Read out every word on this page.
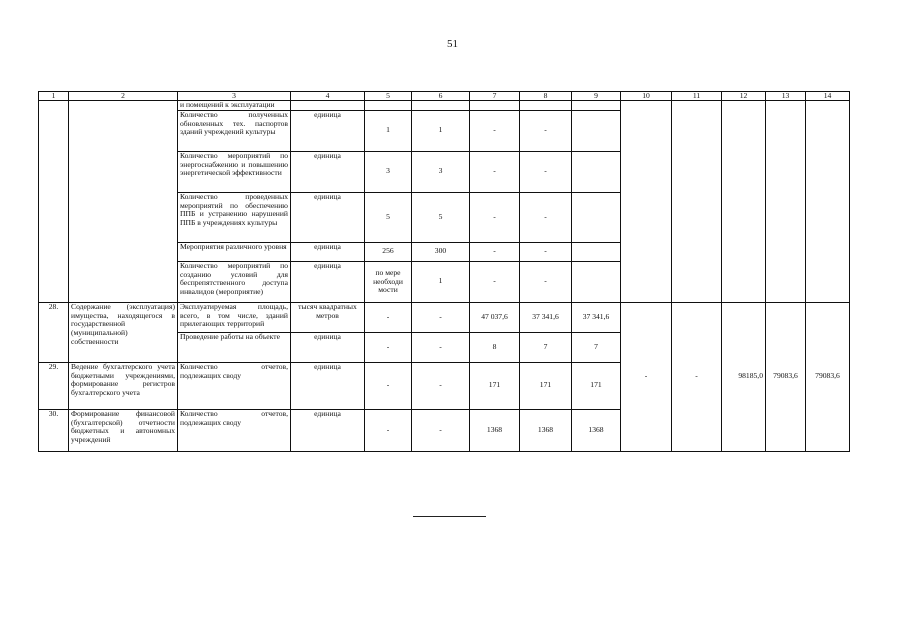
51
1	2	3	4	5	6	7	8	9	10	11	12	13	14
		и помещений к эксплуатации											
		Количество полученных обновленных тех. паспортов зданий учреждений культуры	единица	1	1	-	-						
		Количество мероприятий по энергоснабжению и повышению энергетической эффективности	единица	3	3	-	-						
		Количество проведенных мероприятий по обеспечению ППБ и устранению нарушений ППБ в учреждениях культуры	единица	5	5	-	-						
		Мероприятия различного уровня	единица	256	300	-	-						
		Количество мероприятий по созданию условий для беспрепятственного доступа инвалидов (мероприятие)	единица	по мере необходи мости	1	-	-						
28.	Содержание (эксплуатация) имущества, находящегося в государственной (муниципальной) собственности	Эксплуатируемая площадь, всего, в том числе, зданий прилегающих территорий	тысяч квадратных метров	-	-	47 037,6	37 341,6	37 341,6	-	-	98185,0	79083,6	79083,6
		Проведение работы на объекте	единица	-	-	8	7	7					
29.	Ведение бухгалтерского учета бюджетными учреждениями, формирование регистров бухгалтерского учета	Количество отчетов, подлежащих своду	единица	-	-	171	171	171					
30.	Формирование финансовой (бухгалтерской) отчетности бюджетных и автономных учреждений	Количество отчетов, подлежащих своду	единица	-	-	1368	1368	1368					
